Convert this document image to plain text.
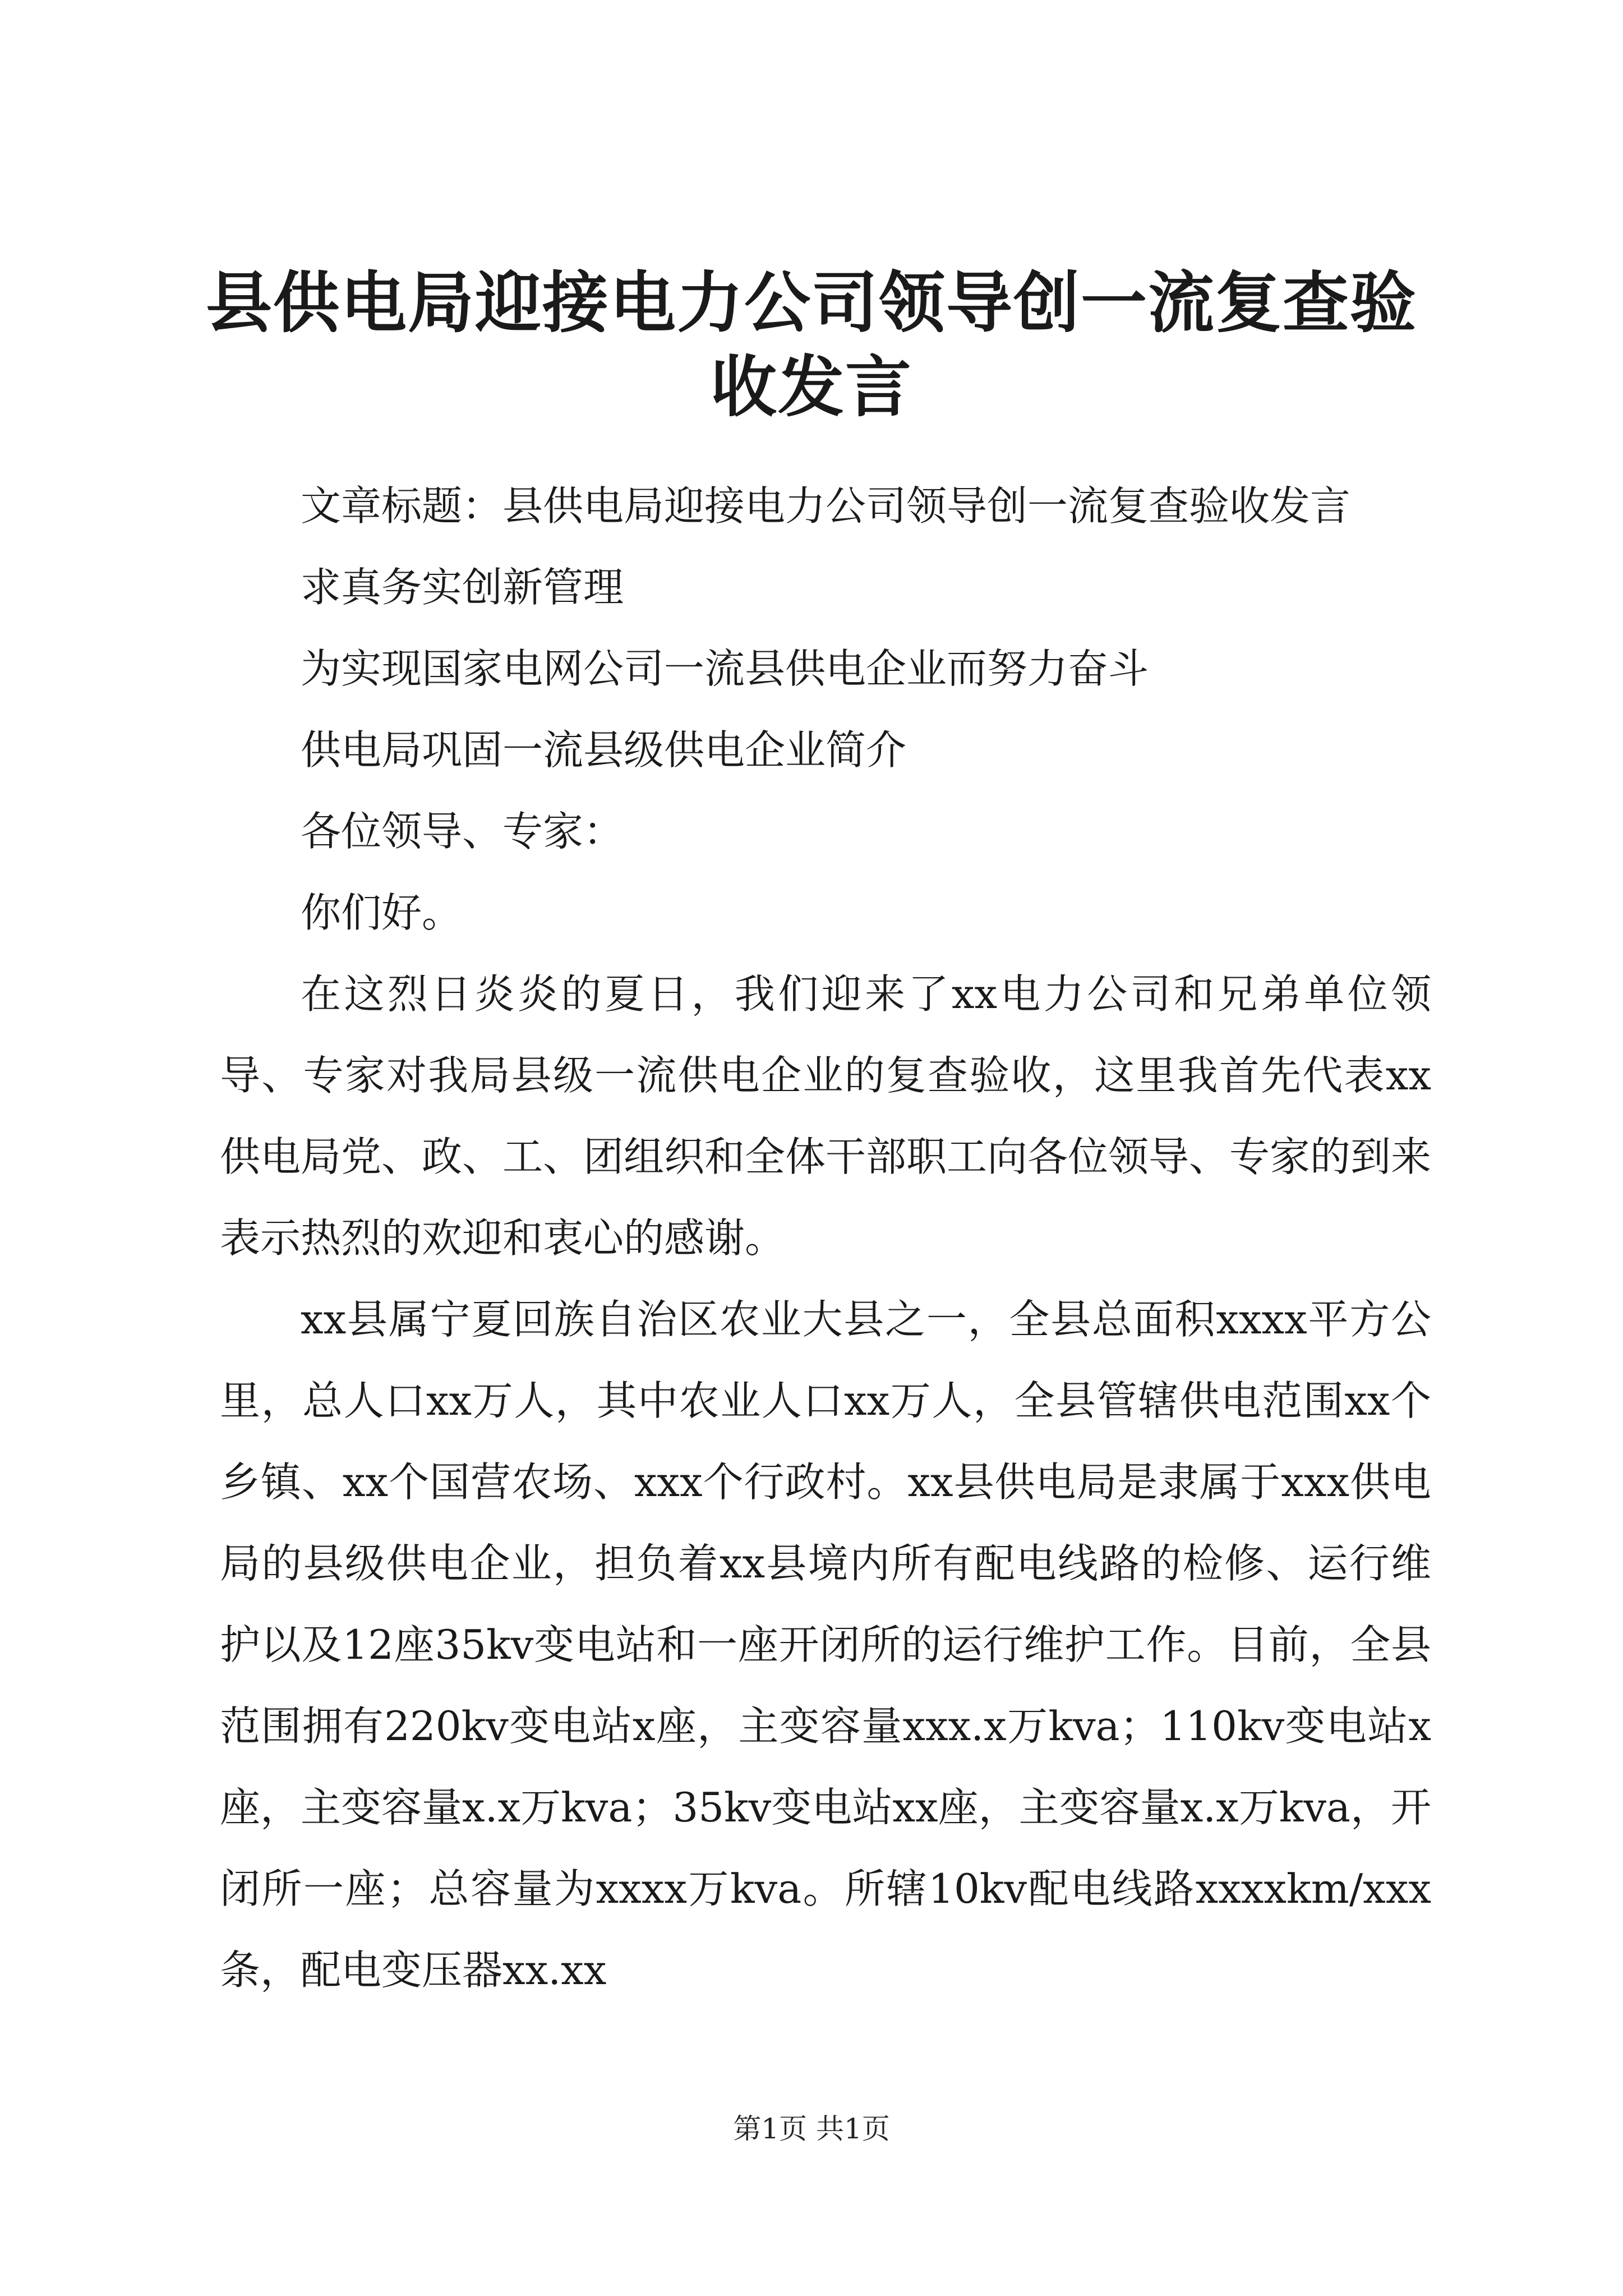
县供电局迎接电力公司领导创一流复查验收发言

文章标题：县供电局迎接电力公司领导创一流复查验收发言

求真务实创新管理

为实现国家电网公司一流县供电企业而努力奋斗

供电局巩固一流县级供电企业简介

各位领导、专家：

你们好。

在这烈日炎炎的夏日，我们迎来了xx电力公司和兄弟单位领导、专家对我局县级一流供电企业的复查验收，这里我首先代表xx供电局党、政、工、团组织和全体干部职工向各位领导、专家的到来表示热烈的欢迎和衷心的感谢。

xx县属宁夏回族自治区农业大县之一，全县总面积xxxx平方公里，总人口xx万人，其中农业人口xx万人，全县管辖供电范围xx个乡镇、xx个国营农场、xxx个行政村。xx县供电局是隶属于xxx供电局的县级供电企业，担负着xx县境内所有配电线路的检修、运行维护以及12座35kv变电站和一座开闭所的运行维护工作。目前，全县范围拥有220kv变电站x座，主变容量xxx.x万kva；110kv变电站x座，主变容量x.x万kva；35kv变电站xx座，主变容量x.x万kva，开闭所一座；总容量为xxxx万kva。所辖10kv配电线路xxxxkm/xxx条，配电变压器xx.xx

第1页 共1页
